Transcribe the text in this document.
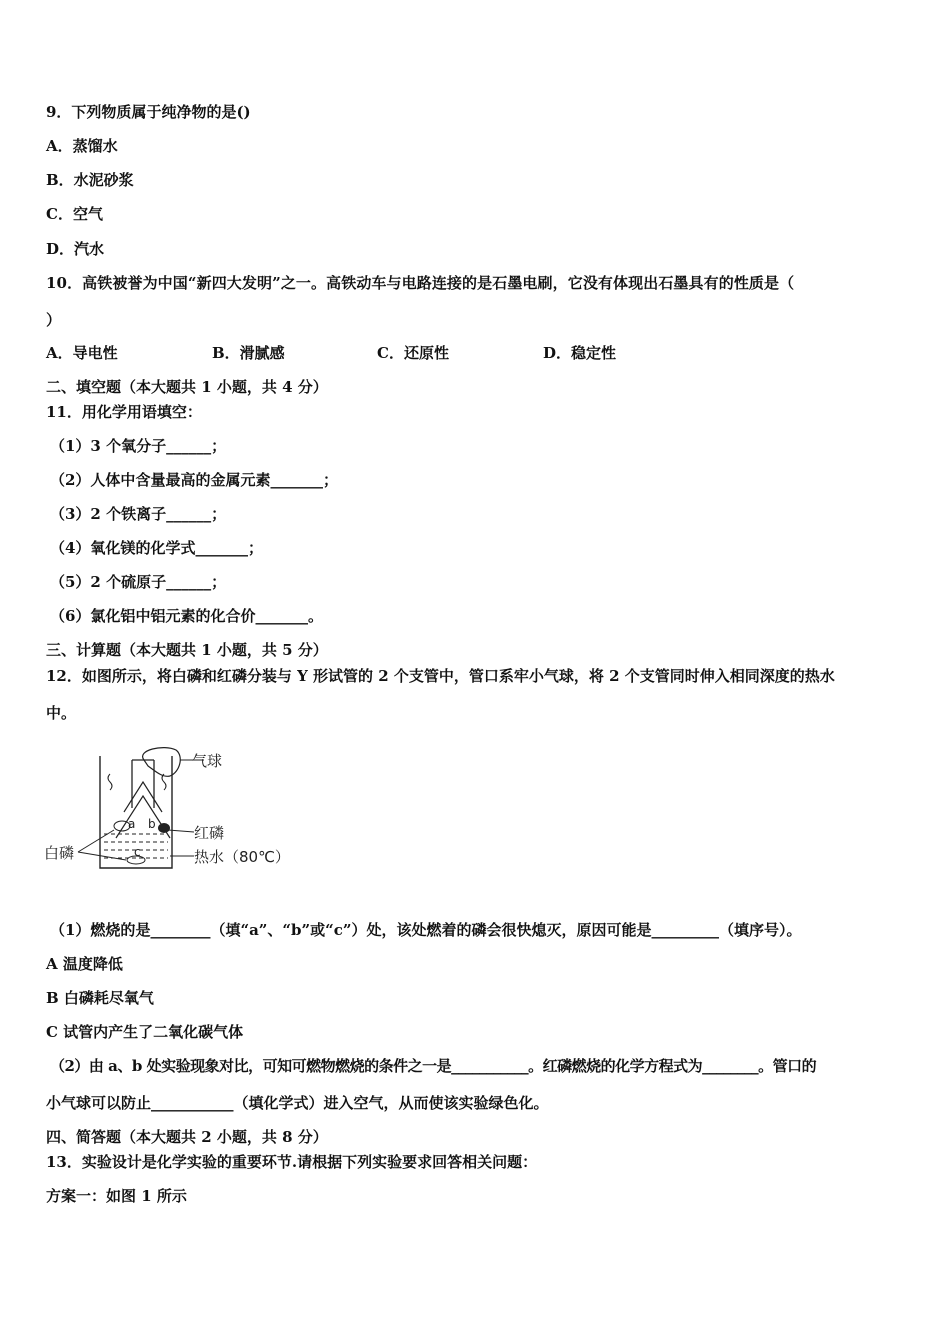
9．下列物质属于纯净物的是()
A．蒸馏水
B．水泥砂浆
C．空气
D．汽水
10．高铁被誉为中国“新四大发明”之一。高铁动车与电路连接的是石墨电刷，它没有体现出石墨具有的性质是（
）
A．导电性	B．滑腻感	C．还原性	D．稳定性
二、填空题（本大题共 1 小题，共 4 分）
11．用化学用语填空：
（1）3 个氧分子______；
（2）人体中含量最高的金属元素_______；
（3）2 个铁离子______；
（4）氧化镁的化学式_______；
（5）2 个硫原子______；
（6）氯化铝中铝元素的化合价_______。
三、计算题（本大题共 1 小题，共 5 分）
12．如图所示，将白磷和红磷分装与 Y 形试管的 2 个支管中，管口系牢小气球，将 2 个支管同时伸入相同深度的热水
中。
气球
a b
c
红磷
热水（80℃）
白磷
（1）燃烧的是________（填“a”、“b”或“c”）处，该处燃着的磷会很快熄灭，原因可能是_________（填序号）。
A 温度降低
B 白磷耗尽氧气
C 试管内产生了二氧化碳气体
（2）由 a、b 处实验现象对比，可知可燃物燃烧的条件之一是___________。红磷燃烧的化学方程式为________。管口的
小气球可以防止___________（填化学式）进入空气，从而使该实验绿色化。
四、简答题（本大题共 2 小题，共 8 分）
13．实验设计是化学实验的重要环节.请根据下列实验要求回答相关问题：
方案一：如图 1 所示
